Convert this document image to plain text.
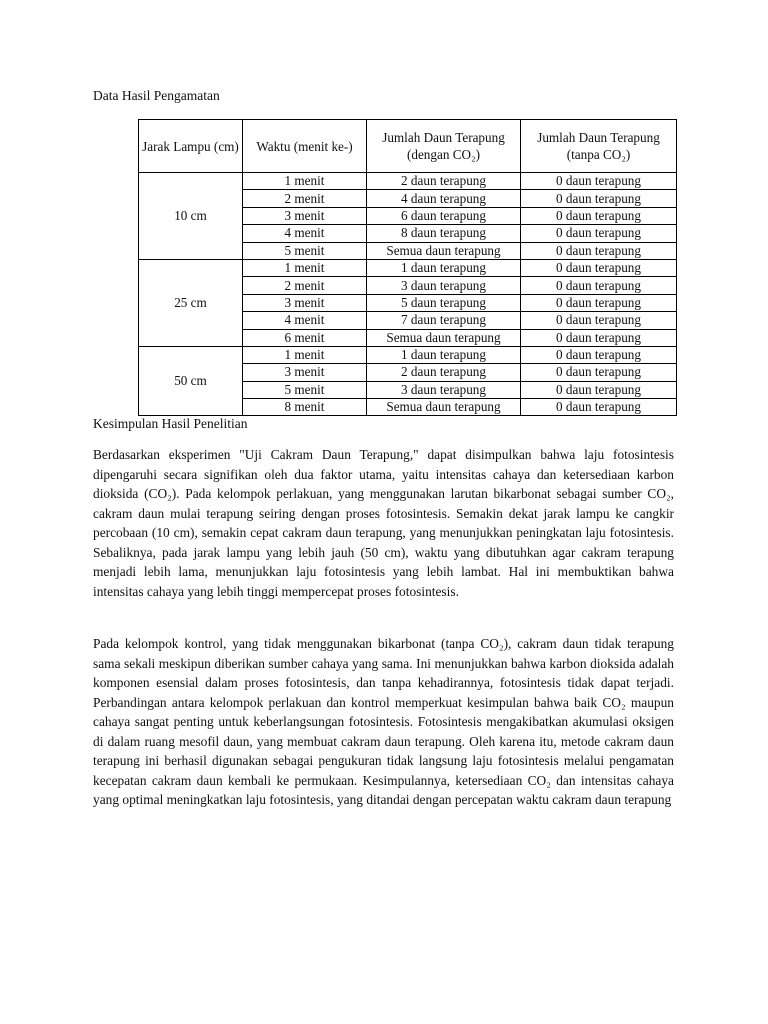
Data Hasil Pengamatan

Jarak Lampu (cm)	Waktu (menit ke-)	Jumlah Daun Terapung (dengan CO₂)	Jumlah Daun Terapung (tanpa CO₂)
10 cm	1 menit	2 daun terapung	0 daun terapung
	2 menit	4 daun terapung	0 daun terapung
	3 menit	6 daun terapung	0 daun terapung
	4 menit	8 daun terapung	0 daun terapung
	5 menit	Semua daun terapung	0 daun terapung
25 cm	1 menit	1 daun terapung	0 daun terapung
	2 menit	3 daun terapung	0 daun terapung
	3 menit	5 daun terapung	0 daun terapung
	4 menit	7 daun terapung	0 daun terapung
	6 menit	Semua daun terapung	0 daun terapung
50 cm	1 menit	1 daun terapung	0 daun terapung
	3 menit	2 daun terapung	0 daun terapung
	5 menit	3 daun terapung	0 daun terapung
	8 menit	Semua daun terapung	0 daun terapung

Kesimpulan Hasil Penelitian

Berdasarkan eksperimen "Uji Cakram Daun Terapung," dapat disimpulkan bahwa laju fotosintesis dipengaruhi secara signifikan oleh dua faktor utama, yaitu intensitas cahaya dan ketersediaan karbon dioksida (CO₂). Pada kelompok perlakuan, yang menggunakan larutan bikarbonat sebagai sumber CO₂, cakram daun mulai terapung seiring dengan proses fotosintesis. Semakin dekat jarak lampu ke cangkir percobaan (10 cm), semakin cepat cakram daun terapung, yang menunjukkan peningkatan laju fotosintesis. Sebaliknya, pada jarak lampu yang lebih jauh (50 cm), waktu yang dibutuhkan agar cakram terapung menjadi lebih lama, menunjukkan laju fotosintesis yang lebih lambat. Hal ini membuktikan bahwa intensitas cahaya yang lebih tinggi mempercepat proses fotosintesis.

Pada kelompok kontrol, yang tidak menggunakan bikarbonat (tanpa CO₂), cakram daun tidak terapung sama sekali meskipun diberikan sumber cahaya yang sama. Ini menunjukkan bahwa karbon dioksida adalah komponen esensial dalam proses fotosintesis, dan tanpa kehadirannya, fotosintesis tidak dapat terjadi. Perbandingan antara kelompok perlakuan dan kontrol memperkuat kesimpulan bahwa baik CO₂ maupun cahaya sangat penting untuk keberlangsungan fotosintesis. Fotosintesis mengakibatkan akumulasi oksigen di dalam ruang mesofil daun, yang membuat cakram daun terapung. Oleh karena itu, metode cakram daun terapung ini berhasil digunakan sebagai pengukuran tidak langsung laju fotosintesis melalui pengamatan kecepatan cakram daun kembali ke permukaan. Kesimpulannya, ketersediaan CO₂ dan intensitas cahaya yang optimal meningkatkan laju fotosintesis, yang ditandai dengan percepatan waktu cakram daun terapung
